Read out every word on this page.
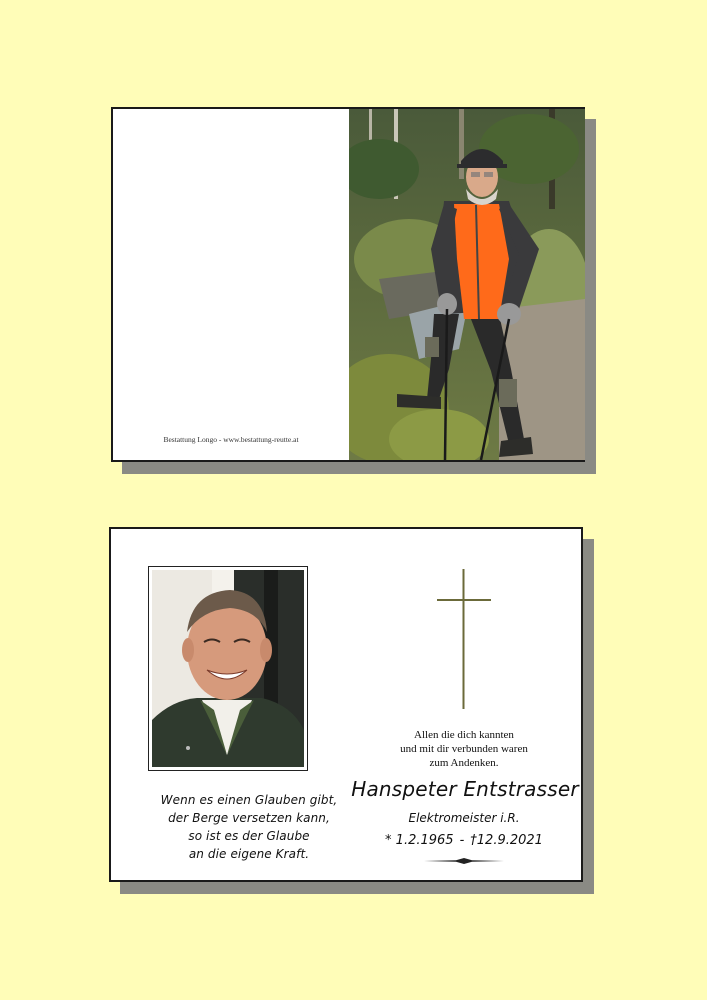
Bestattung Longo - www.bestattung-reutte.at
Wenn es einen Glauben gibt,
der Berge versetzen kann,
so ist es der Glaube
an die eigene Kraft.
Allen die dich kannten
und mit dir verbunden waren
zum Andenken.
Hanspeter Entstrasser
Elektromeister i.R.
* 1.2.1965 - †12.9.2021
